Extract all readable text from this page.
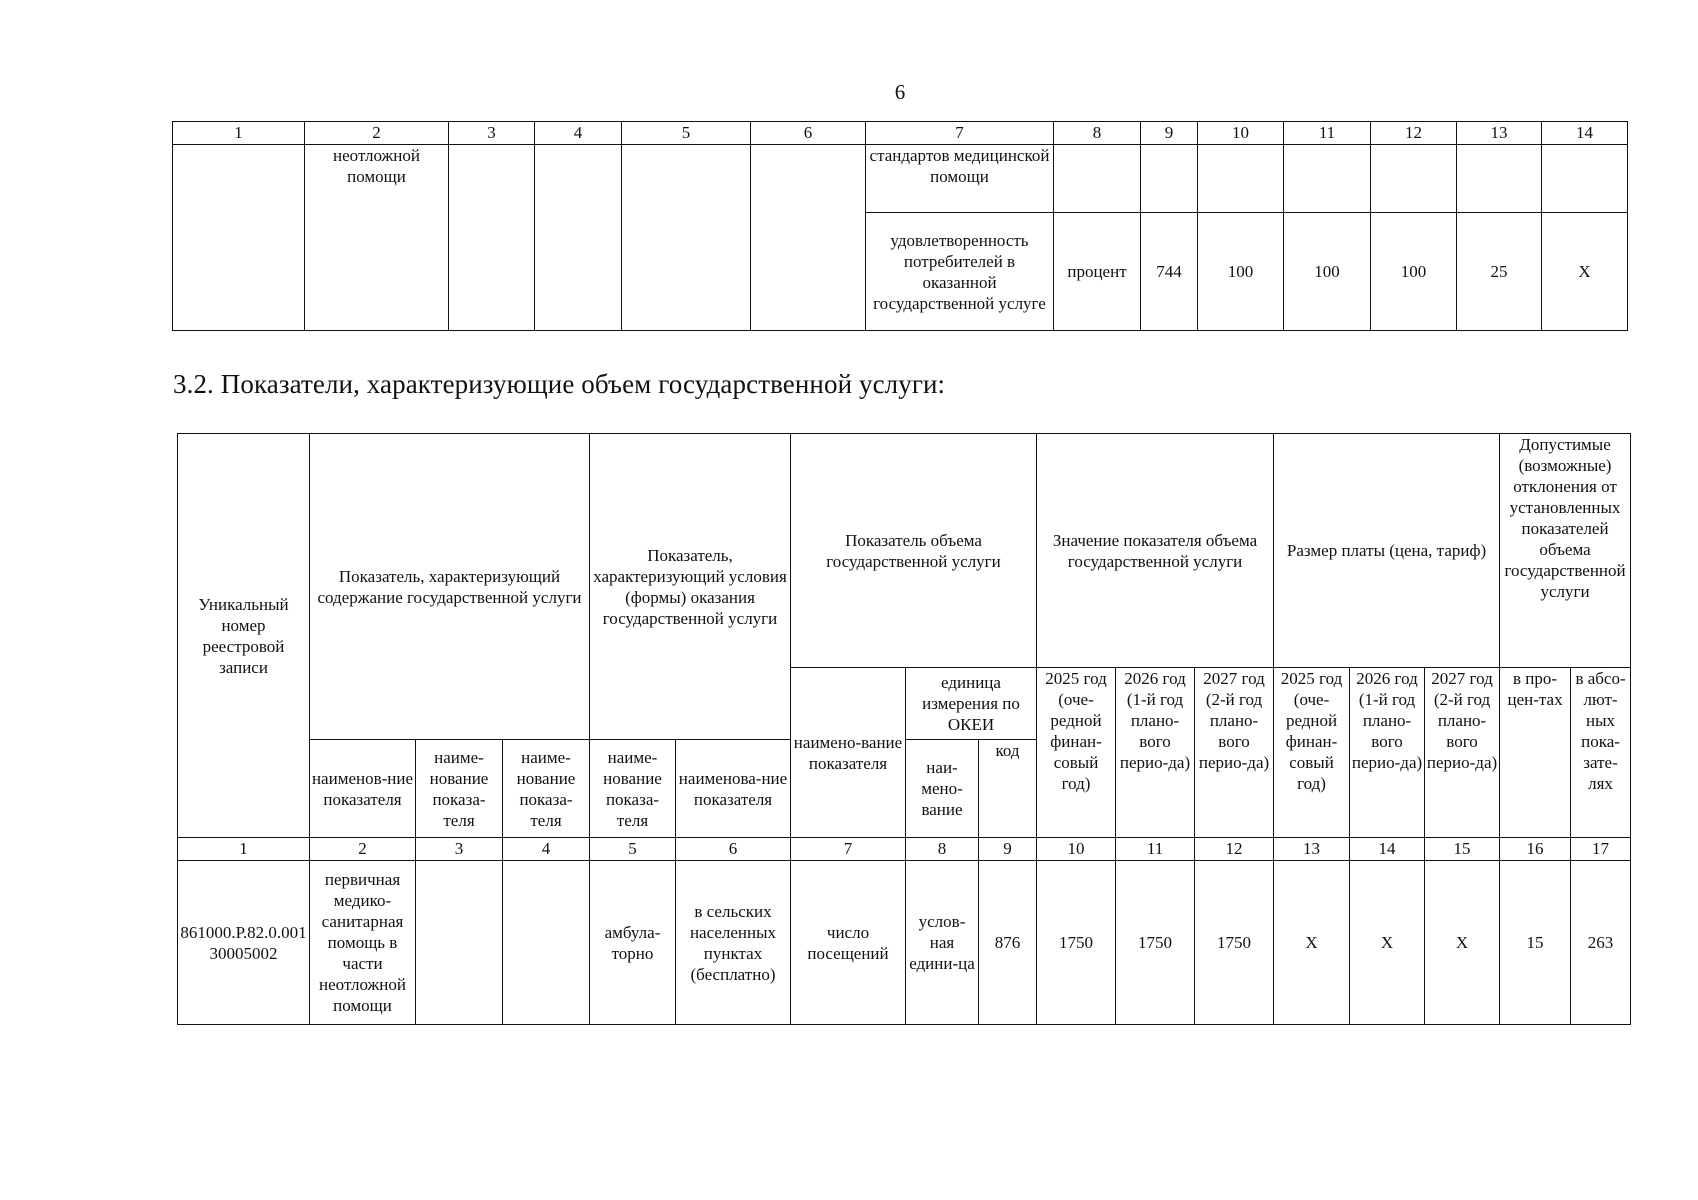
6
1	2	3	4	5	6	7	8	9	10	11	12	13	14
	неотложной помощи					стандартов медицинской помощи							
						удовлетворенность потребителей в оказанной государственной услуге	процент	744	100	100	100	25	X
3.2. Показатели, характеризующие объем государственной услуги:
Уникальный номер реестровой записи	Показатель, характеризующий содержание государственной услуги			Показатель, характеризующий условия (формы) оказания государственной услуги		Показатель объема государственной услуги			Значение показателя объема государственной услуги			Размер платы (цена, тариф)			Допустимые (возможные) отклонения от установленных показателей объема государственной услуги	
						наимено-вание показателя	единица измерения по ОКЕИ		2025 год (оче-редной финан-совый год)	2026 год (1-й год плано-вого перио-да)	2027 год (2-й год плано-вого перио-да)	2025 год (оче-редной финан-совый год)	2026 год (1-й год плано-вого перио-да)	2027 год (2-й год плано-вого перио-да)	в про-цен-тах	в абсо-лют-ных пока-зате-лях
	наименов-ние показателя	наиме-нование показа-теля	наиме-нование показа-теля	наиме-нование показа-теля	наименова-ние показателя		наи-мено-вание	код								

1	2	3	4	5	6	7	8	9	10	11	12	13	14	15	16	17
861000.Р.82.0.00130005002	первичная медико-санитарная помощь в части неотложной помощи			амбула-торно	в сельских населенных пунктах (бесплатно)	число посещений	услов-ная едини-ца	876	1750	1750	1750	X	X	X	15	263
